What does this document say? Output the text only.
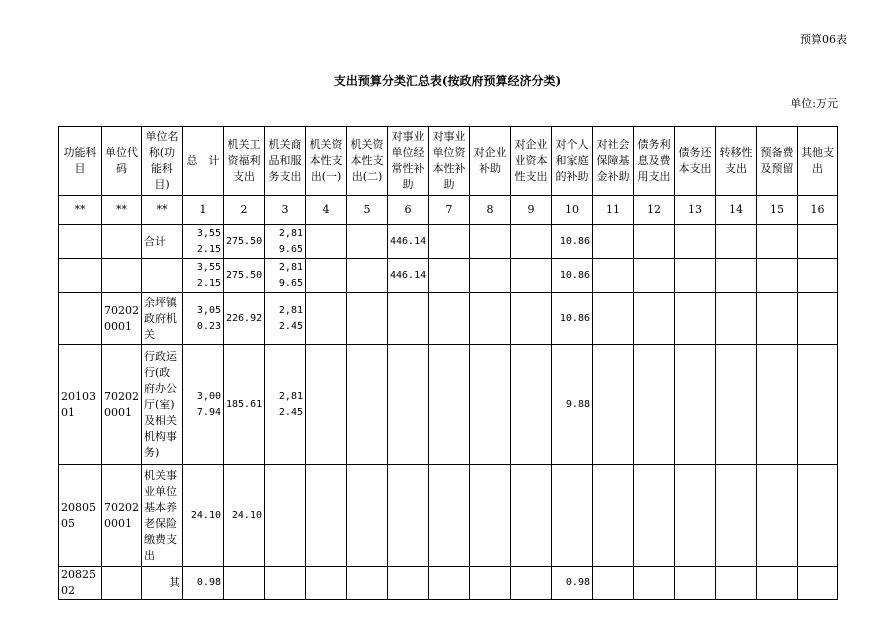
预算06表
支出预算分类汇总表(按政府预算经济分类)
单位:万元
功能科目	单位代码	单位名称(功能科目)	总　计	机关工资福利支出	机关商品和服务支出	机关资本性支出(一)	机关资本性支出(二)	对事业单位经常性补助	对事业单位资本性补助	对企业补助	对企业业资本性支出	对个人和家庭的补助	对社会保障基金补助	债务利息及费用支出	债务还本支出	转移性支出	预备费及预留	其他支出
**	**	**	1	2	3	4	5	6	7	8	9	10	11	12	13	14	15	16
		合计	3,552.15	275.50	2,819.65			446.14				10.86						
			3,552.15	275.50	2,819.65			446.14				10.86						
	702020001	余坪镇政府机关	3,050.23	226.92	2,812.45							10.86						
2010301	702020001	行政运行(政府办公厅(室)及相关机构事务)	3,007.94	185.61	2,812.45							9.88						
2080505	702020001	机关事业单位基本养老保险缴费支出	24.10	24.10														
2082502		其	0.98									0.98						
